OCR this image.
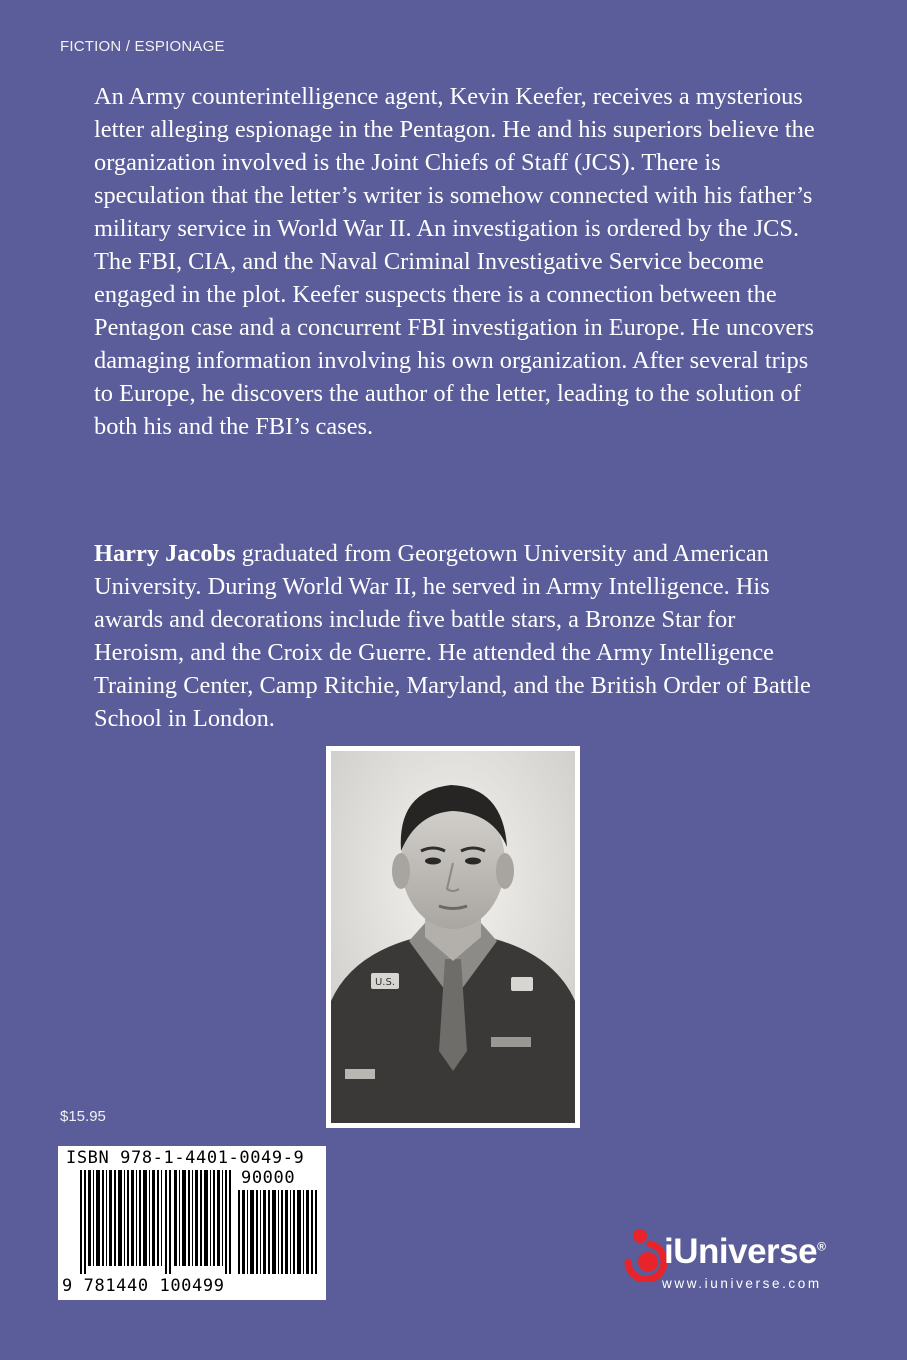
FICTION / ESPIONAGE

An Army counterintelligence agent, Kevin Keefer, receives a mysterious letter alleging espionage in the Pentagon. He and his superiors believe the organization involved is the Joint Chiefs of Staff (JCS). There is speculation that the letter’s writer is somehow connected with his father’s military service in World War II. An investigation is ordered by the JCS. The FBI, CIA, and the Naval Criminal Investigative Service become engaged in the plot. Keefer suspects there is a connection between the Pentagon case and a concurrent FBI investigation in Europe. He uncovers damaging information involving his own organization. After several trips to Europe, he discovers the author of the letter, leading to the solution of both his and the FBI’s cases.

Harry Jacobs graduated from Georgetown University and American University. During World War II, he served in Army Intelligence. His awards and decorations include five battle stars, a Bronze Star for Heroism, and the Croix de Guerre. He attended the Army Intelligence Training Center, Camp Ritchie, Maryland, and the British Order of Battle School in London.

U.S.
$15.95
ISBN 978-1-4401-0049-9
90000
9 781440 100499
iUniverse®
www.iuniverse.com
